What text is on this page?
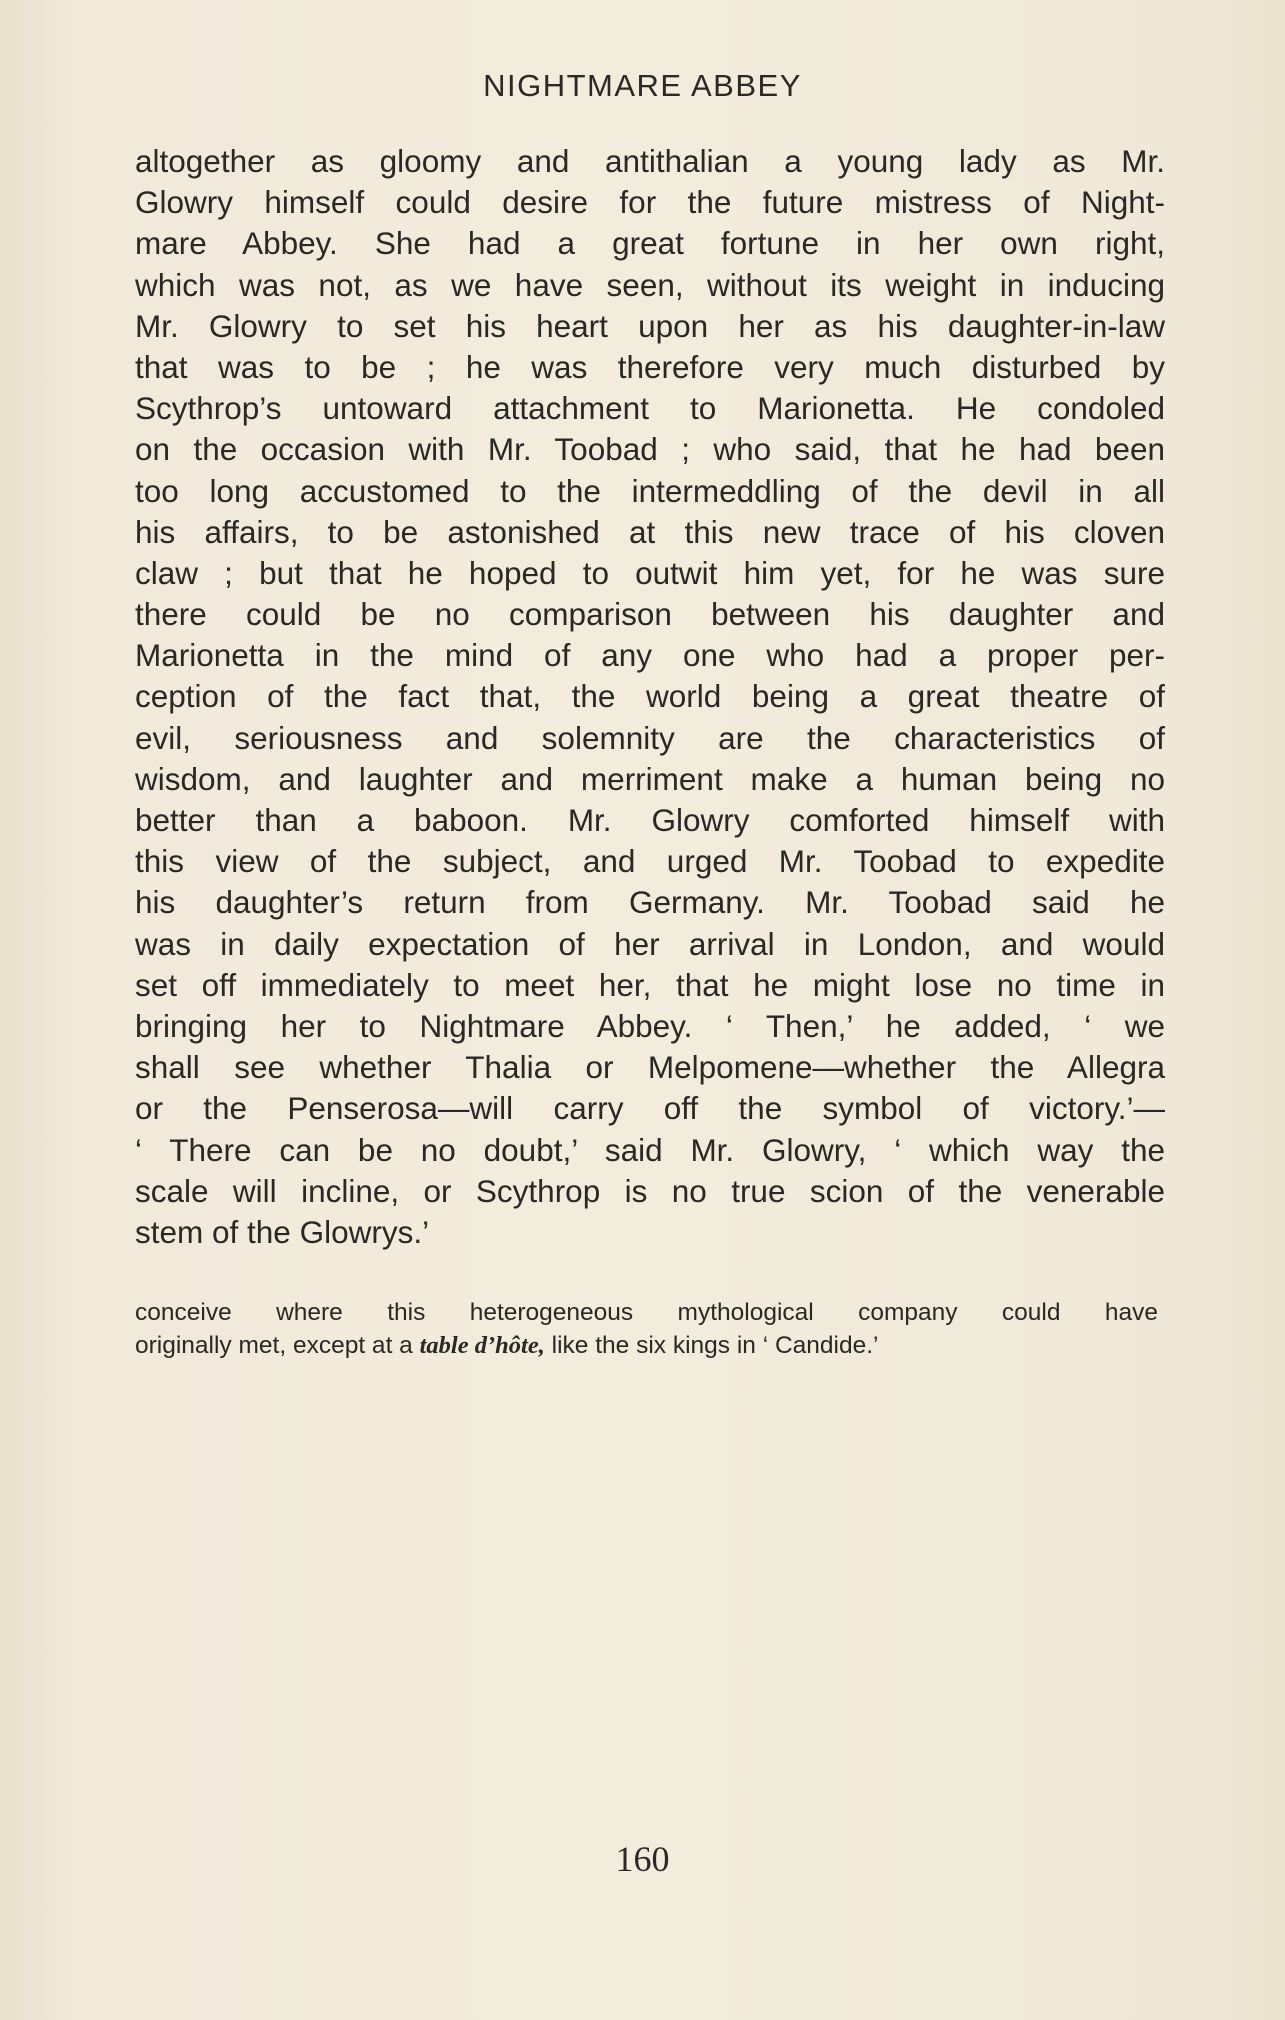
NIGHTMARE ABBEY
altogether as gloomy and antithalian a young lady as Mr.
Glowry himself could desire for the future mistress of Night-
mare Abbey. She had a great fortune in her own right,
which was not, as we have seen, without its weight in inducing
Mr. Glowry to set his heart upon her as his daughter-in-law
that was to be ; he was therefore very much disturbed by
Scythrop’s untoward attachment to Marionetta. He condoled
on the occasion with Mr. Toobad ; who said, that he had been
too long accustomed to the intermeddling of the devil in all
his affairs, to be astonished at this new trace of his cloven
claw ; but that he hoped to outwit him yet, for he was sure
there could be no comparison between his daughter and
Marionetta in the mind of any one who had a proper per-
ception of the fact that, the world being a great theatre of
evil, seriousness and solemnity are the characteristics of
wisdom, and laughter and merriment make a human being no
better than a baboon. Mr. Glowry comforted himself with
this view of the subject, and urged Mr. Toobad to expedite
his daughter’s return from Germany. Mr. Toobad said he
was in daily expectation of her arrival in London, and would
set off immediately to meet her, that he might lose no time in
bringing her to Nightmare Abbey. ‘ Then,’ he added, ‘ we
shall see whether Thalia or Melpomene—whether the Allegra
or the Penserosa—will carry off the symbol of victory.’—
‘ There can be no doubt,’ said Mr. Glowry, ‘ which way the
scale will incline, or Scythrop is no true scion of the venerable
stem of the Glowrys.’
conceive where this heterogeneous mythological company could have
originally met, except at a table d’hôte, like the six kings in ‘ Candide.’
160
